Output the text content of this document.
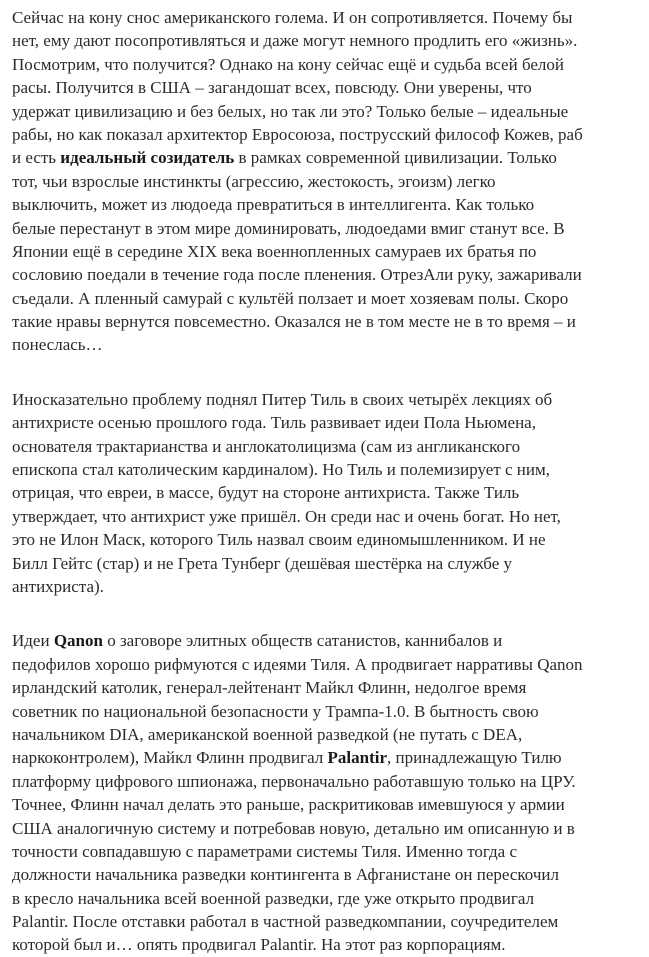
Сейчас на кону снос американского голема. И он сопротивляется. Почему бы
нет, ему дают посопротивляться и даже могут немного продлить его «жизнь».
Посмотрим, что получится? Однако на кону сейчас ещё и судьба всей белой
расы. Получится в США – загандошат всех, повсюду. Они уверены, что
удержат цивилизацию и без белых, но так ли это? Только белые – идеальные
рабы, но как показал архитектор Евросоюза, пострусский философ Кожев, раб
и есть идеальный созидатель в рамках современной цивилизации. Только
тот, чьи взрослые инстинкты (агрессию, жестокость, эгоизм) легко
выключить, может из людоеда превратиться в интеллигента. Как только
белые перестанут в этом мире доминировать, людоедами вмиг станут все. В
Японии ещё в середине XIX века военнопленных самураев их братья по
сословию поедали в течение года после пленения. ОтрезАли руку, зажаривали
съедали. А пленный самурай с культёй ползает и моет хозяевам полы. Скоро
такие нравы вернутся повсеместно. Оказался не в том месте не в то время – и
понеслась…

Иносказательно проблему поднял Питер Тиль в своих четырёх лекциях об
антихристе осенью прошлого года. Тиль развивает идеи Пола Ньюмена,
основателя трактарианства и англокатолицизма (сам из англиканского
епископа стал католическим кардиналом). Но Тиль и полемизирует с ним,
отрицая, что евреи, в массе, будут на стороне антихриста. Также Тиль
утверждает, что антихрист уже пришёл. Он среди нас и очень богат. Но нет,
это не Илон Маск, которого Тиль назвал своим единомышленником. И не
Билл Гейтс (стар) и не Грета Тунберг (дешёвая шестёрка на службе у
антихриста).

Идеи Qanon о заговоре элитных обществ сатанистов, каннибалов и
педофилов хорошо рифмуются с идеями Тиля. А продвигает нарративы Qanon
ирландский католик, генерал-лейтенант Майкл Флинн, недолгое время
советник по национальной безопасности у Трампа-1.0. В бытность свою
начальником DIA, американской военной разведкой (не путать с DEA,
наркоконтролем), Майкл Флинн продвигал Palantir, принадлежащую Тилю
платформу цифрового шпионажа, первоначально работавшую только на ЦРУ.
Точнее, Флинн начал делать это раньше, раскритиковав имевшуюся у армии
США аналогичную систему и потребовав новую, детально им описанную и в
точности совпадавшую с параметрами системы Тиля. Именно тогда с
должности начальника разведки контингента в Афганистане он перескочил
в кресло начальника всей военной разведки, где уже открыто продвигал
Palantir. После отставки работал в частной разведкомпании, соучредителем
которой был и… опять продвигал Palantir. На этот раз корпорациям.
